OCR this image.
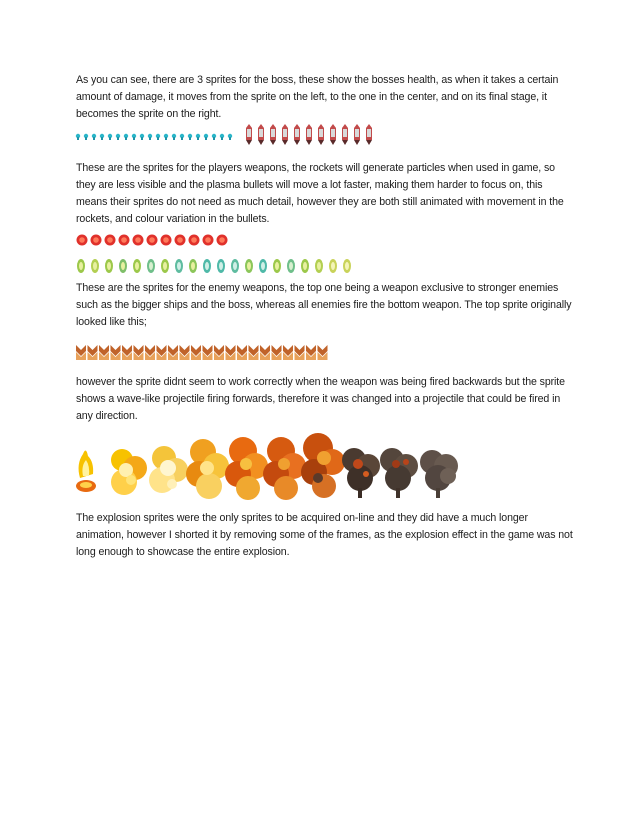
As you can see, there are 3 sprites for the boss, these show the bosses health, as when it takes a certain amount of damage, it moves from the sprite on the left, to the one in the center, and on its final stage, it becomes the sprite on the right.

These are the sprites for the players weapons, the rockets will generate particles when used in game, so they are less visible and the plasma bullets will move a lot faster, making them harder to focus on, this means their sprites do not need as much detail, however they are both still animated with movement in the rockets, and colour variation in the bullets.

These are the sprites for the enemy weapons, the top one being a weapon exclusive to stronger enemies such as the bigger ships and the boss, whereas all enemies fire the bottom weapon. The top sprite originally looked like this;

however the sprite didnt seem to work correctly when the weapon was being fired backwards but the sprite shows a wave-like projectile firing forwards, therefore it was changed into a projectile that could be fired in any direction.

The explosion sprites were the only sprites to be acquired on-line and they did have a much longer animation, however I shorted it by removing some of the frames, as the explosion effect in the game was not long enough to showcase the entire explosion.
